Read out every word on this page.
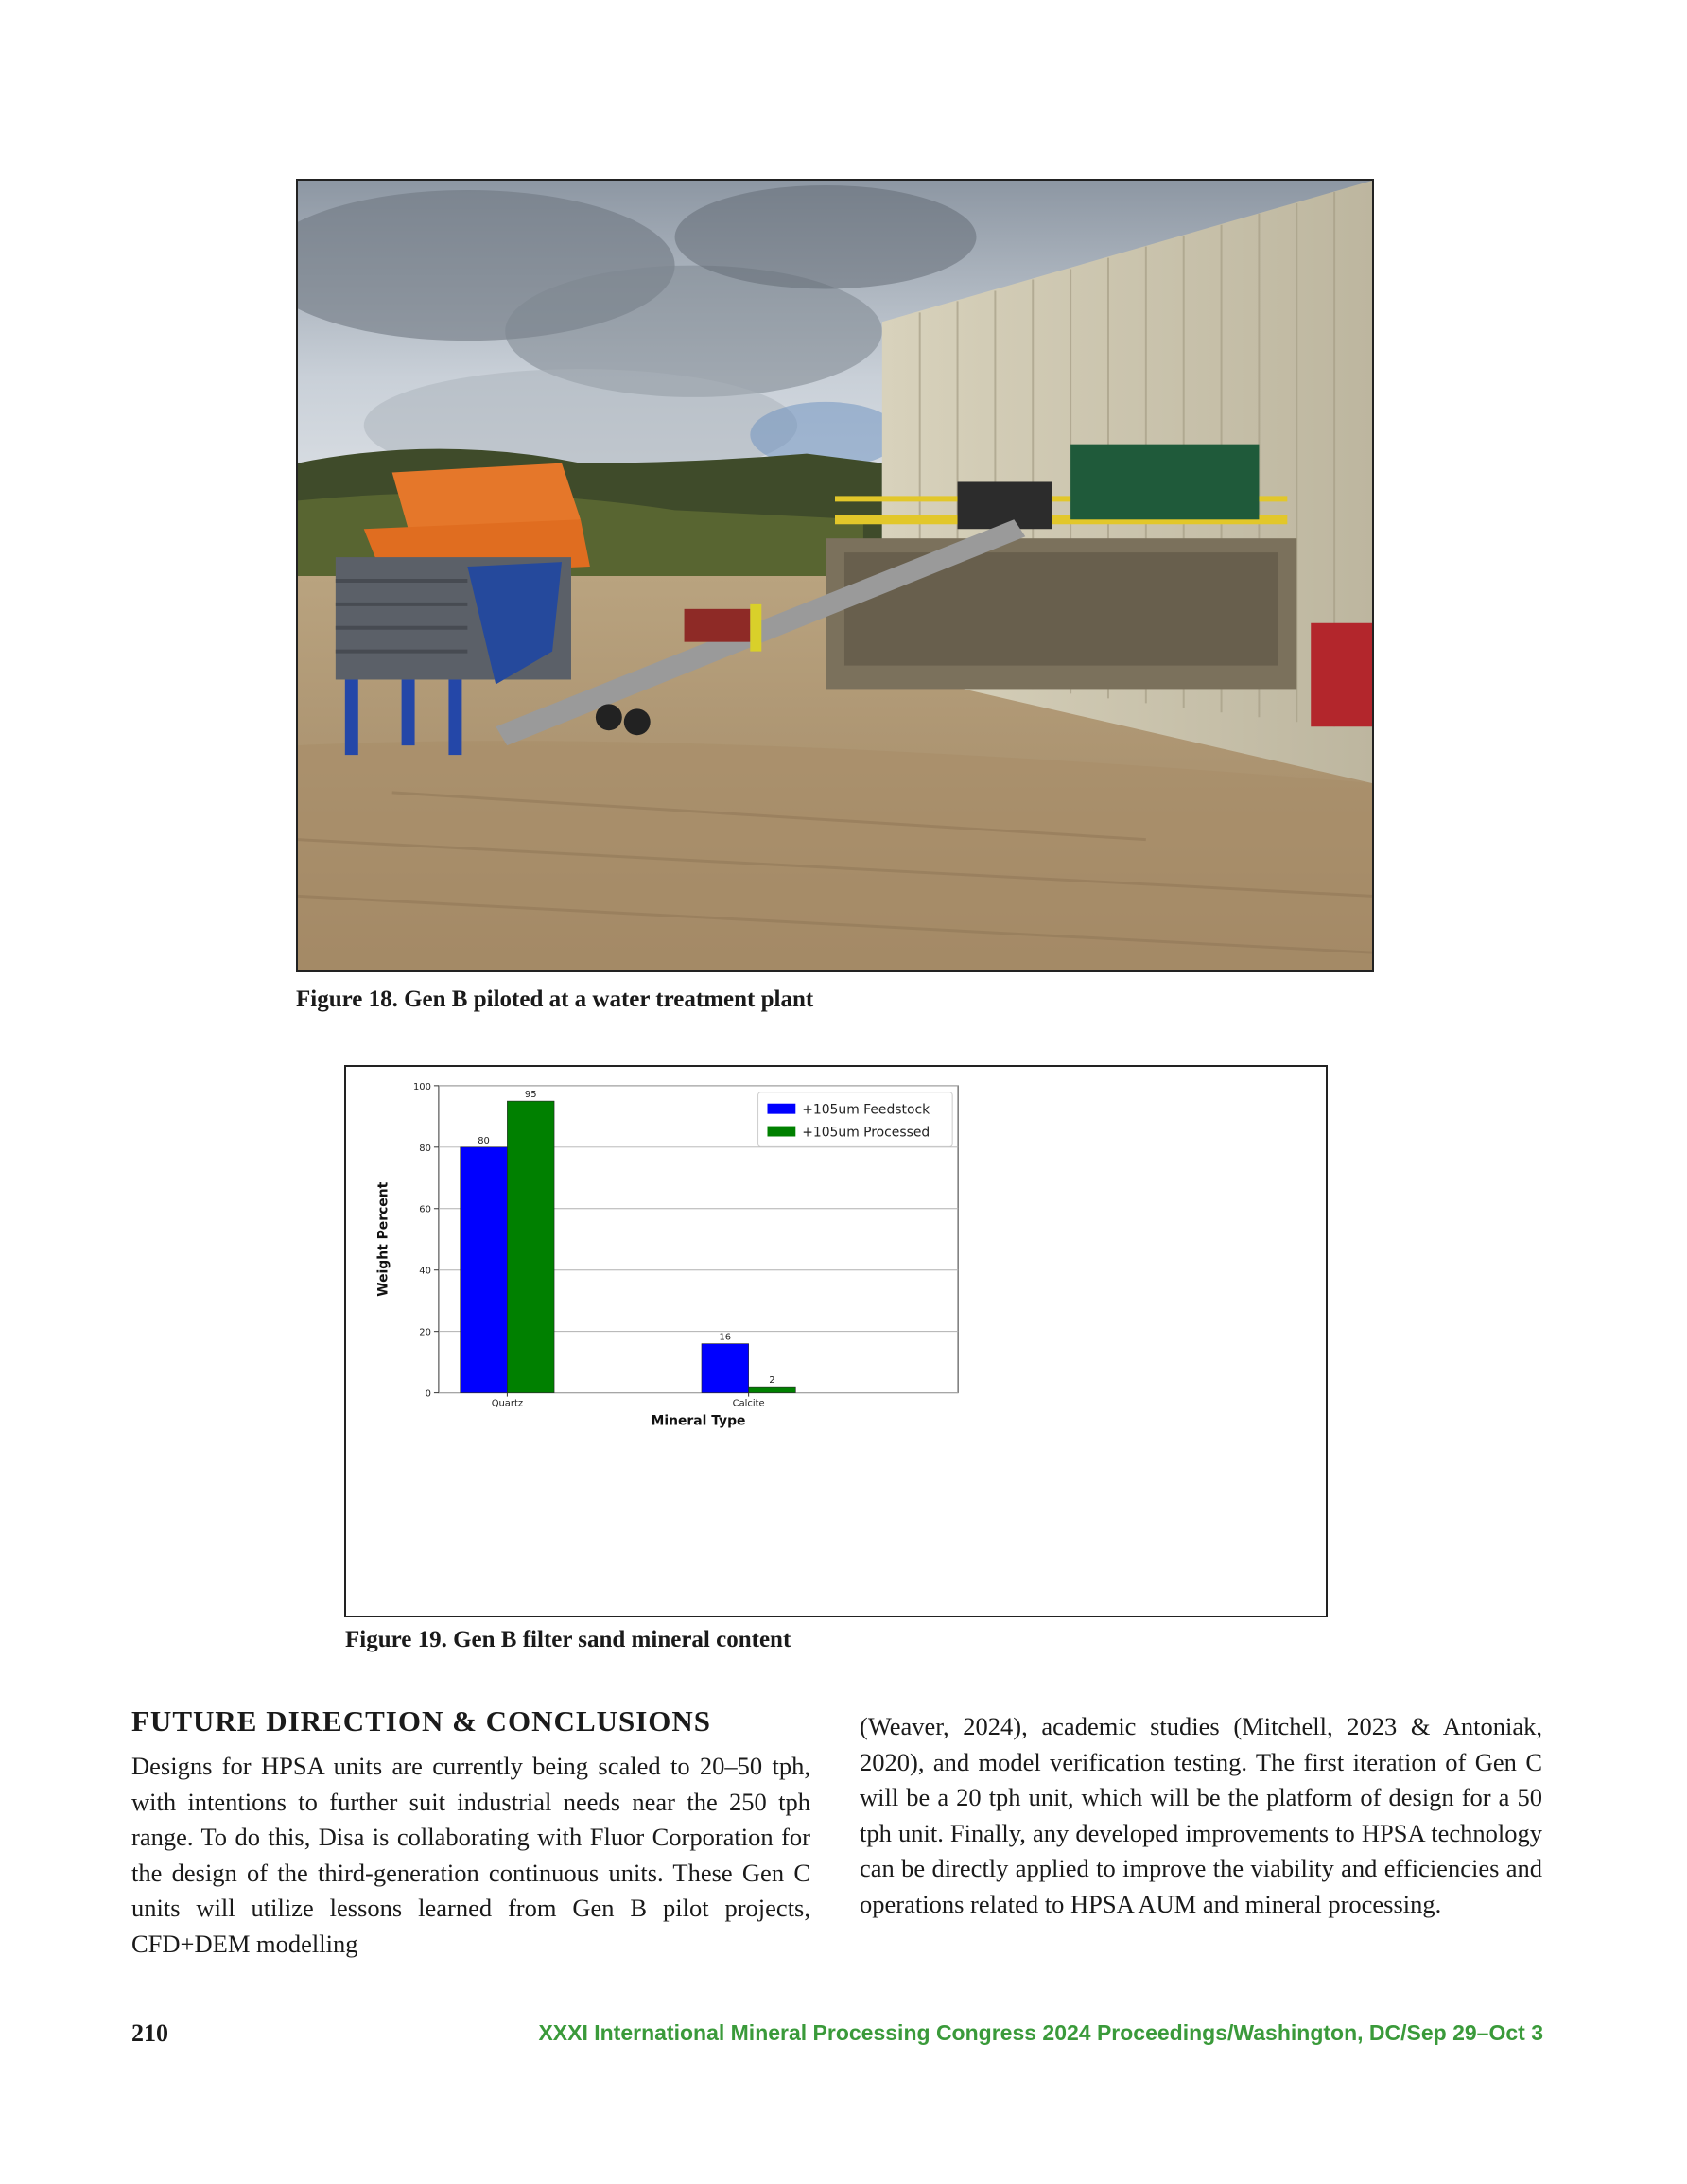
Figure 18. Gen B piloted at a water treatment plant
0
20
40
60
80
100
80
95
Quartz
16
2
Calcite
Mineral Type
Weight Percent
+105um Feedstock
+105um Processed
Figure 19. Gen B filter sand mineral content
FUTURE DIRECTION & CONCLUSIONS
Designs for HPSA units are currently being scaled to 20–50 tph, with intentions to further suit industrial needs near the 250 tph range. To do this, Disa is collaborating with Fluor Corporation for the design of the third-generation continuous units. These Gen C units will utilize lessons learned from Gen B pilot projects, CFD+DEM modelling
(Weaver, 2024), academic studies (Mitchell, 2023 & Antoniak, 2020), and model verification testing. The first iteration of Gen C will be a 20 tph unit, which will be the platform of design for a 50 tph unit. Finally, any developed improvements to HPSA technology can be directly applied to improve the viability and efficiencies and operations related to HPSA AUM and mineral processing.
210	XXXI International Mineral Processing Congress 2024 Proceedings/Washington, DC/Sep 29–Oct 3
